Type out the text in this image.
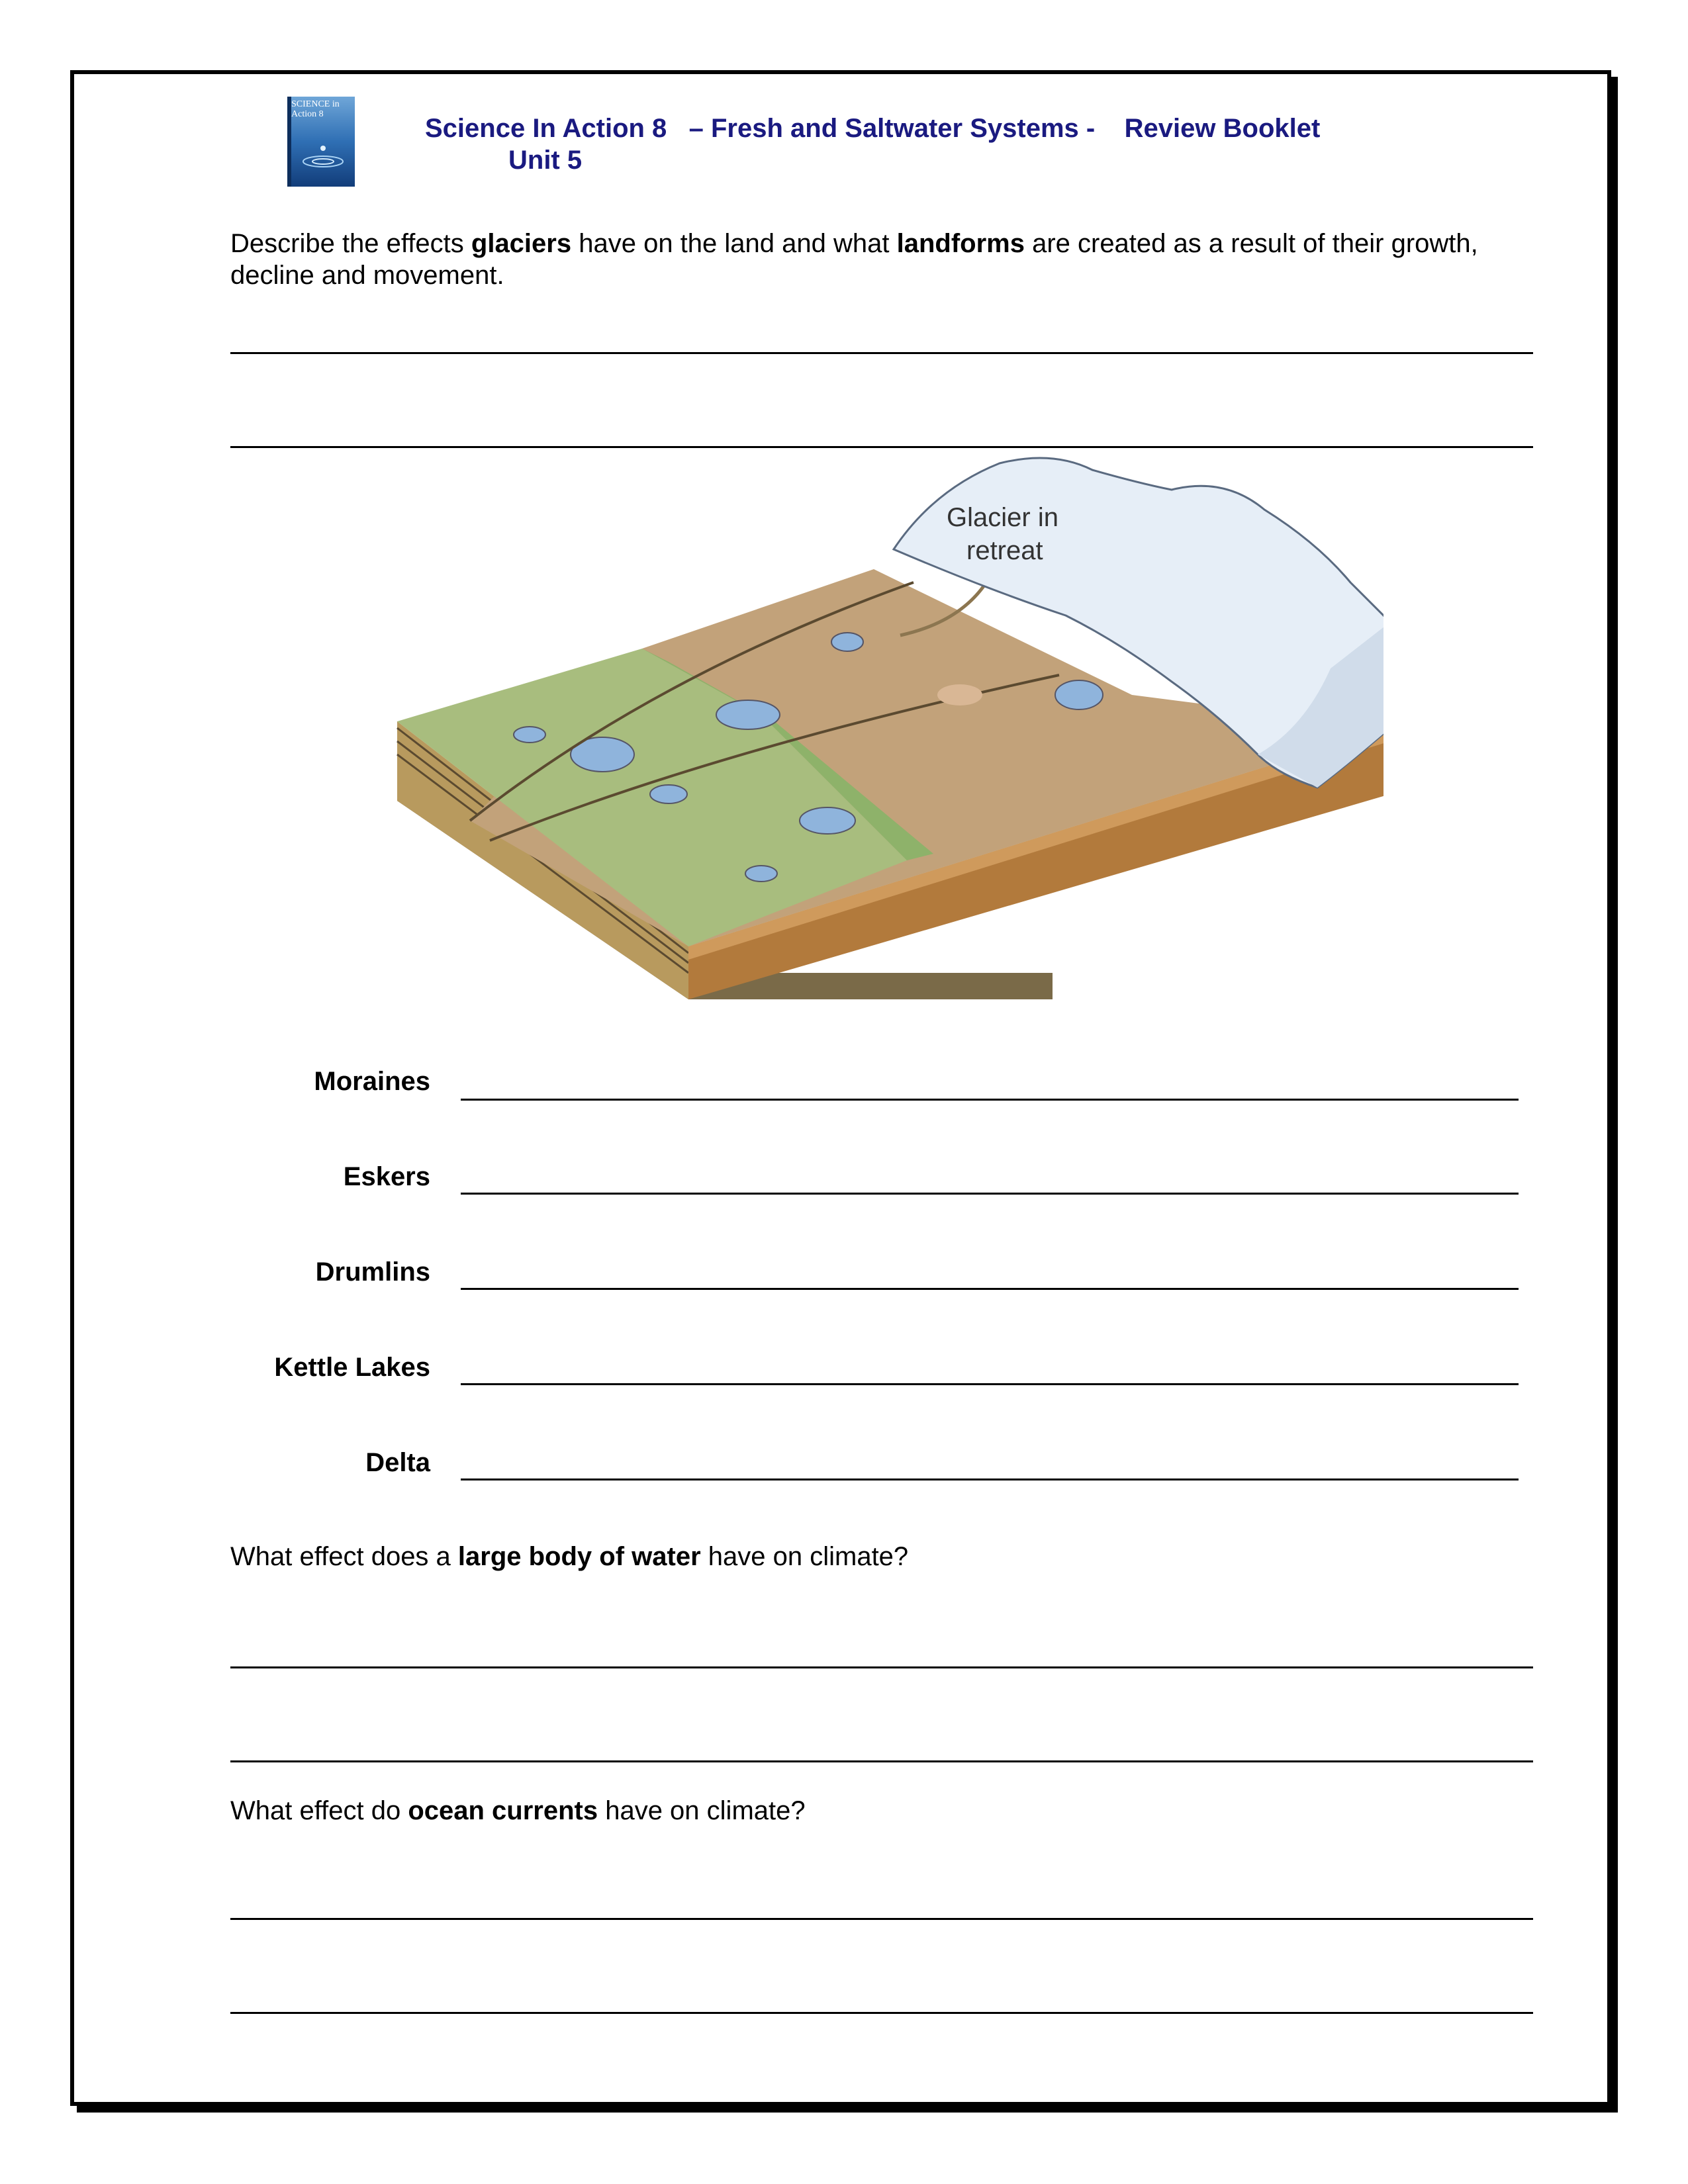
SCIENCE in Action 8	Science In Action 8   – Fresh and Saltwater Systems -    Review Booklet
Unit 5
Describe the effects glaciers have on the land and what landforms are created as a result of their growth,
decline and movement.
Glacier in
retreat
Moraines
Eskers
Drumlins
Kettle Lakes
Delta
What effect does a large body of water have on climate?
What effect do ocean currents have on climate?
